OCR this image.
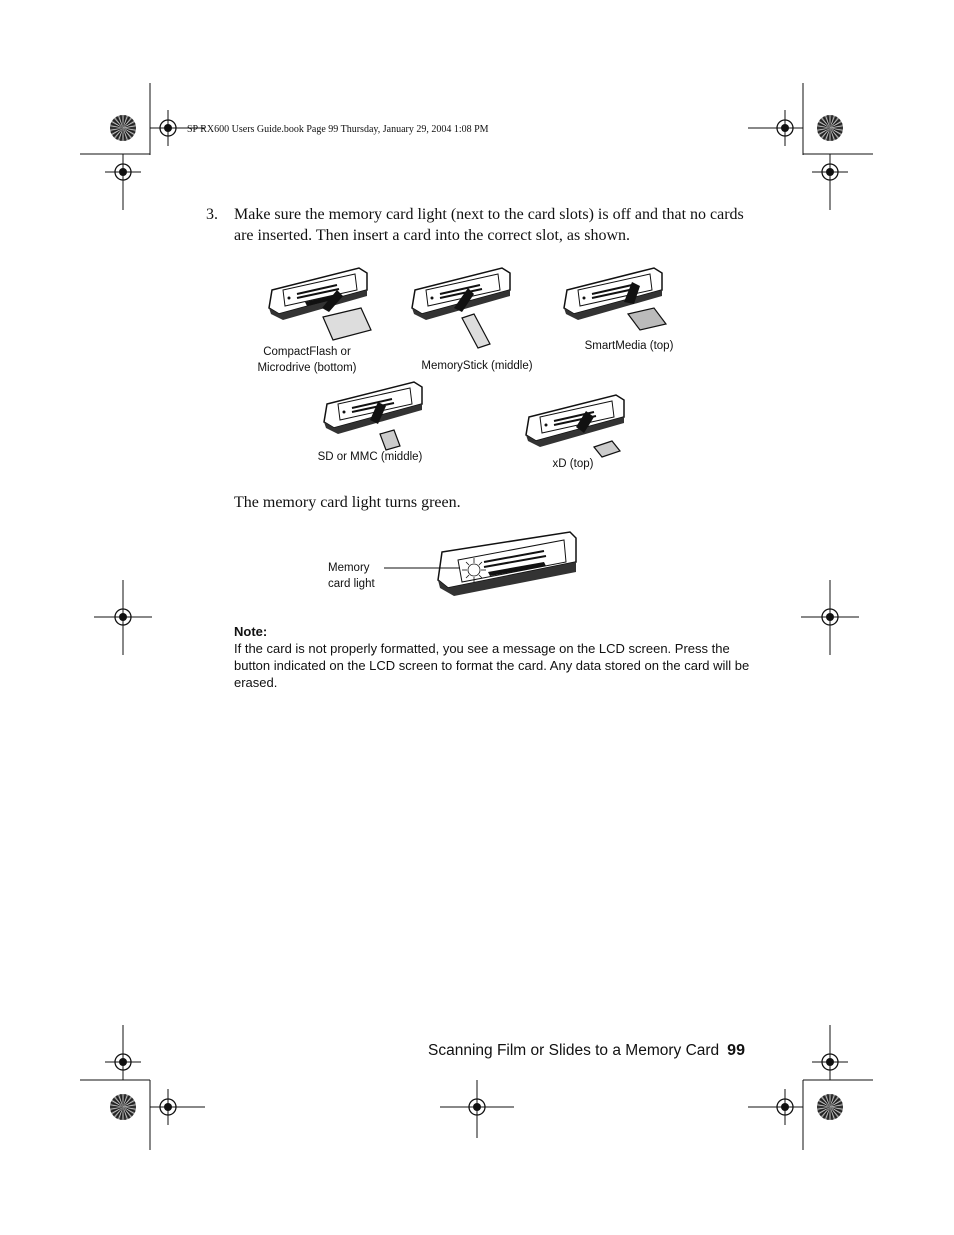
SP RX600 Users Guide.book Page 99 Thursday, January 29, 2004 1:08 PM
3. Make sure the memory card light (next to the card slots) is off and that no cards are inserted. Then insert a card into the correct slot, as shown.
CompactFlash or
Microdrive (bottom)	MemoryStick (middle)
SmartMedia (top)
SD or MMC (middle)
xD (top)
The memory card light turns green.
Memory
card light
Note:
If the card is not properly formatted, you see a message on the LCD screen. Press the button indicated on the LCD screen to format the card. Any data stored on the card will be erased.
Scanning Film or Slides to a Memory Card 99
